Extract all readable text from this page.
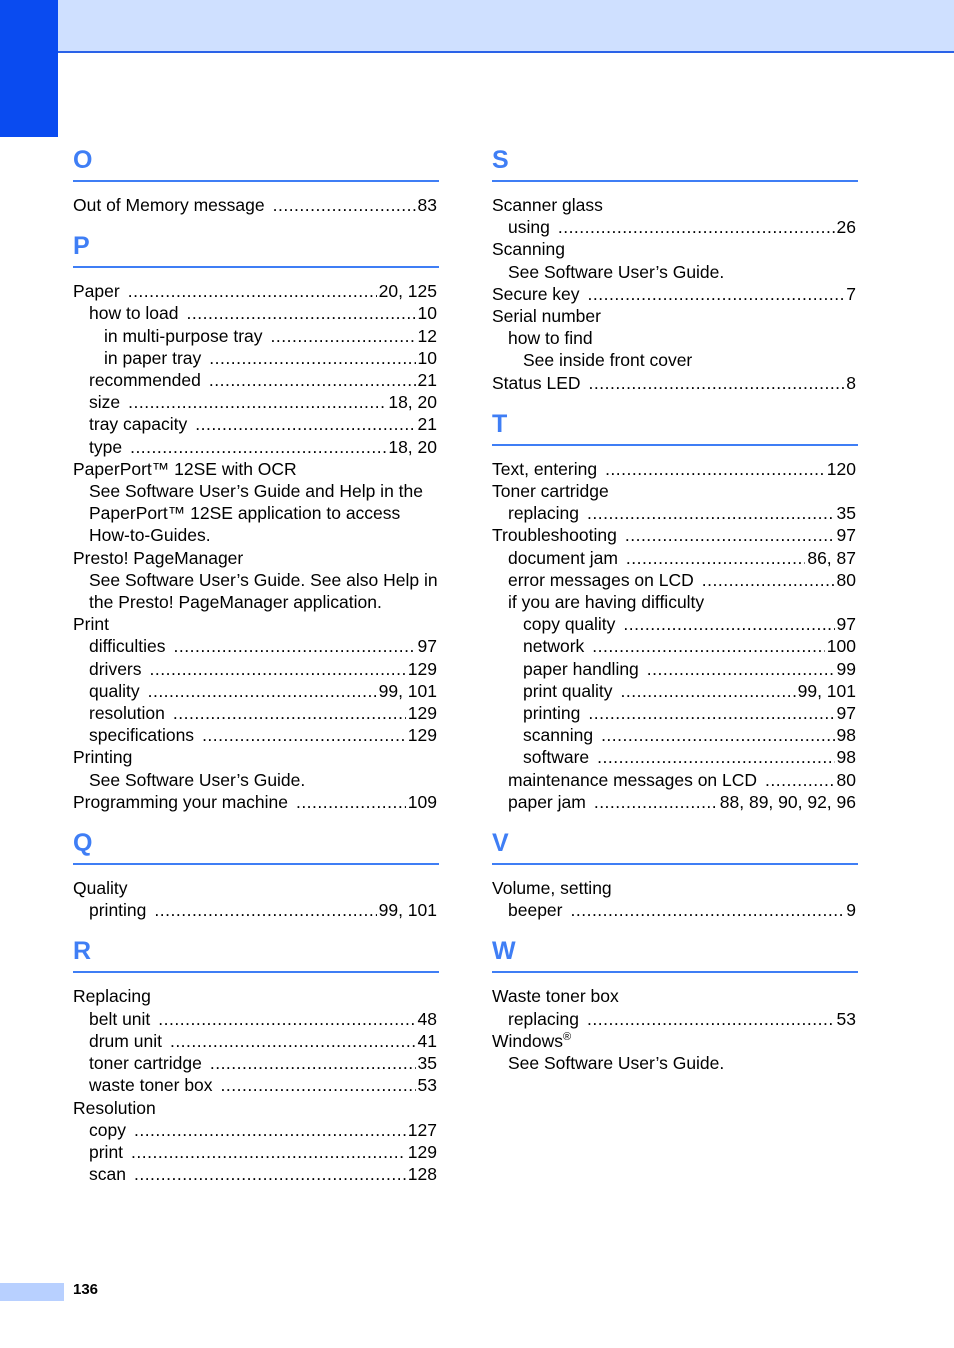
O
Out of Memory message .....	83
P
Paper .....	20, 125
how to load .....	10
in multi-purpose tray .....	12
in paper tray .....	10
recommended .....	21
size .....	18, 20
tray capacity .....	21
type .....	18, 20
PaperPort™ 12SE with OCR
See Software User’s Guide and Help in the PaperPort™ 12SE application to access How-to-Guides.
Presto! PageManager
See Software User’s Guide. See also Help in the Presto! PageManager application.
Print
difficulties .....	97
drivers .....	129
quality .....	99, 101
resolution .....	129
specifications .....	129
Printing
See Software User’s Guide.
Programming your machine .....	109
Q
Quality
printing .....	99, 101
R
Replacing
belt unit .....	48
drum unit .....	41
toner cartridge .....	35
waste toner box .....	53
Resolution
copy .....	127
print .....	129
scan .....	128
S
Scanner glass
using .....	26
Scanning
See Software User’s Guide.
Secure key .....	7
Serial number
how to find
See inside front cover
Status LED .....	8
T
Text, entering .....	120
Toner cartridge
replacing .....	35
Troubleshooting .....	97
document jam .....	86, 87
error messages on LCD .....	80
if you are having difficulty
copy quality .....	97
network .....	100
paper handling .....	99
print quality .....	99, 101
printing .....	97
scanning .....	98
software .....	98
maintenance messages on LCD .....	80
paper jam .....	88, 89, 90, 92, 96
V
Volume, setting
beeper .....	9
W
Waste toner box
replacing .....	53
Windows®
See Software User’s Guide.
136
